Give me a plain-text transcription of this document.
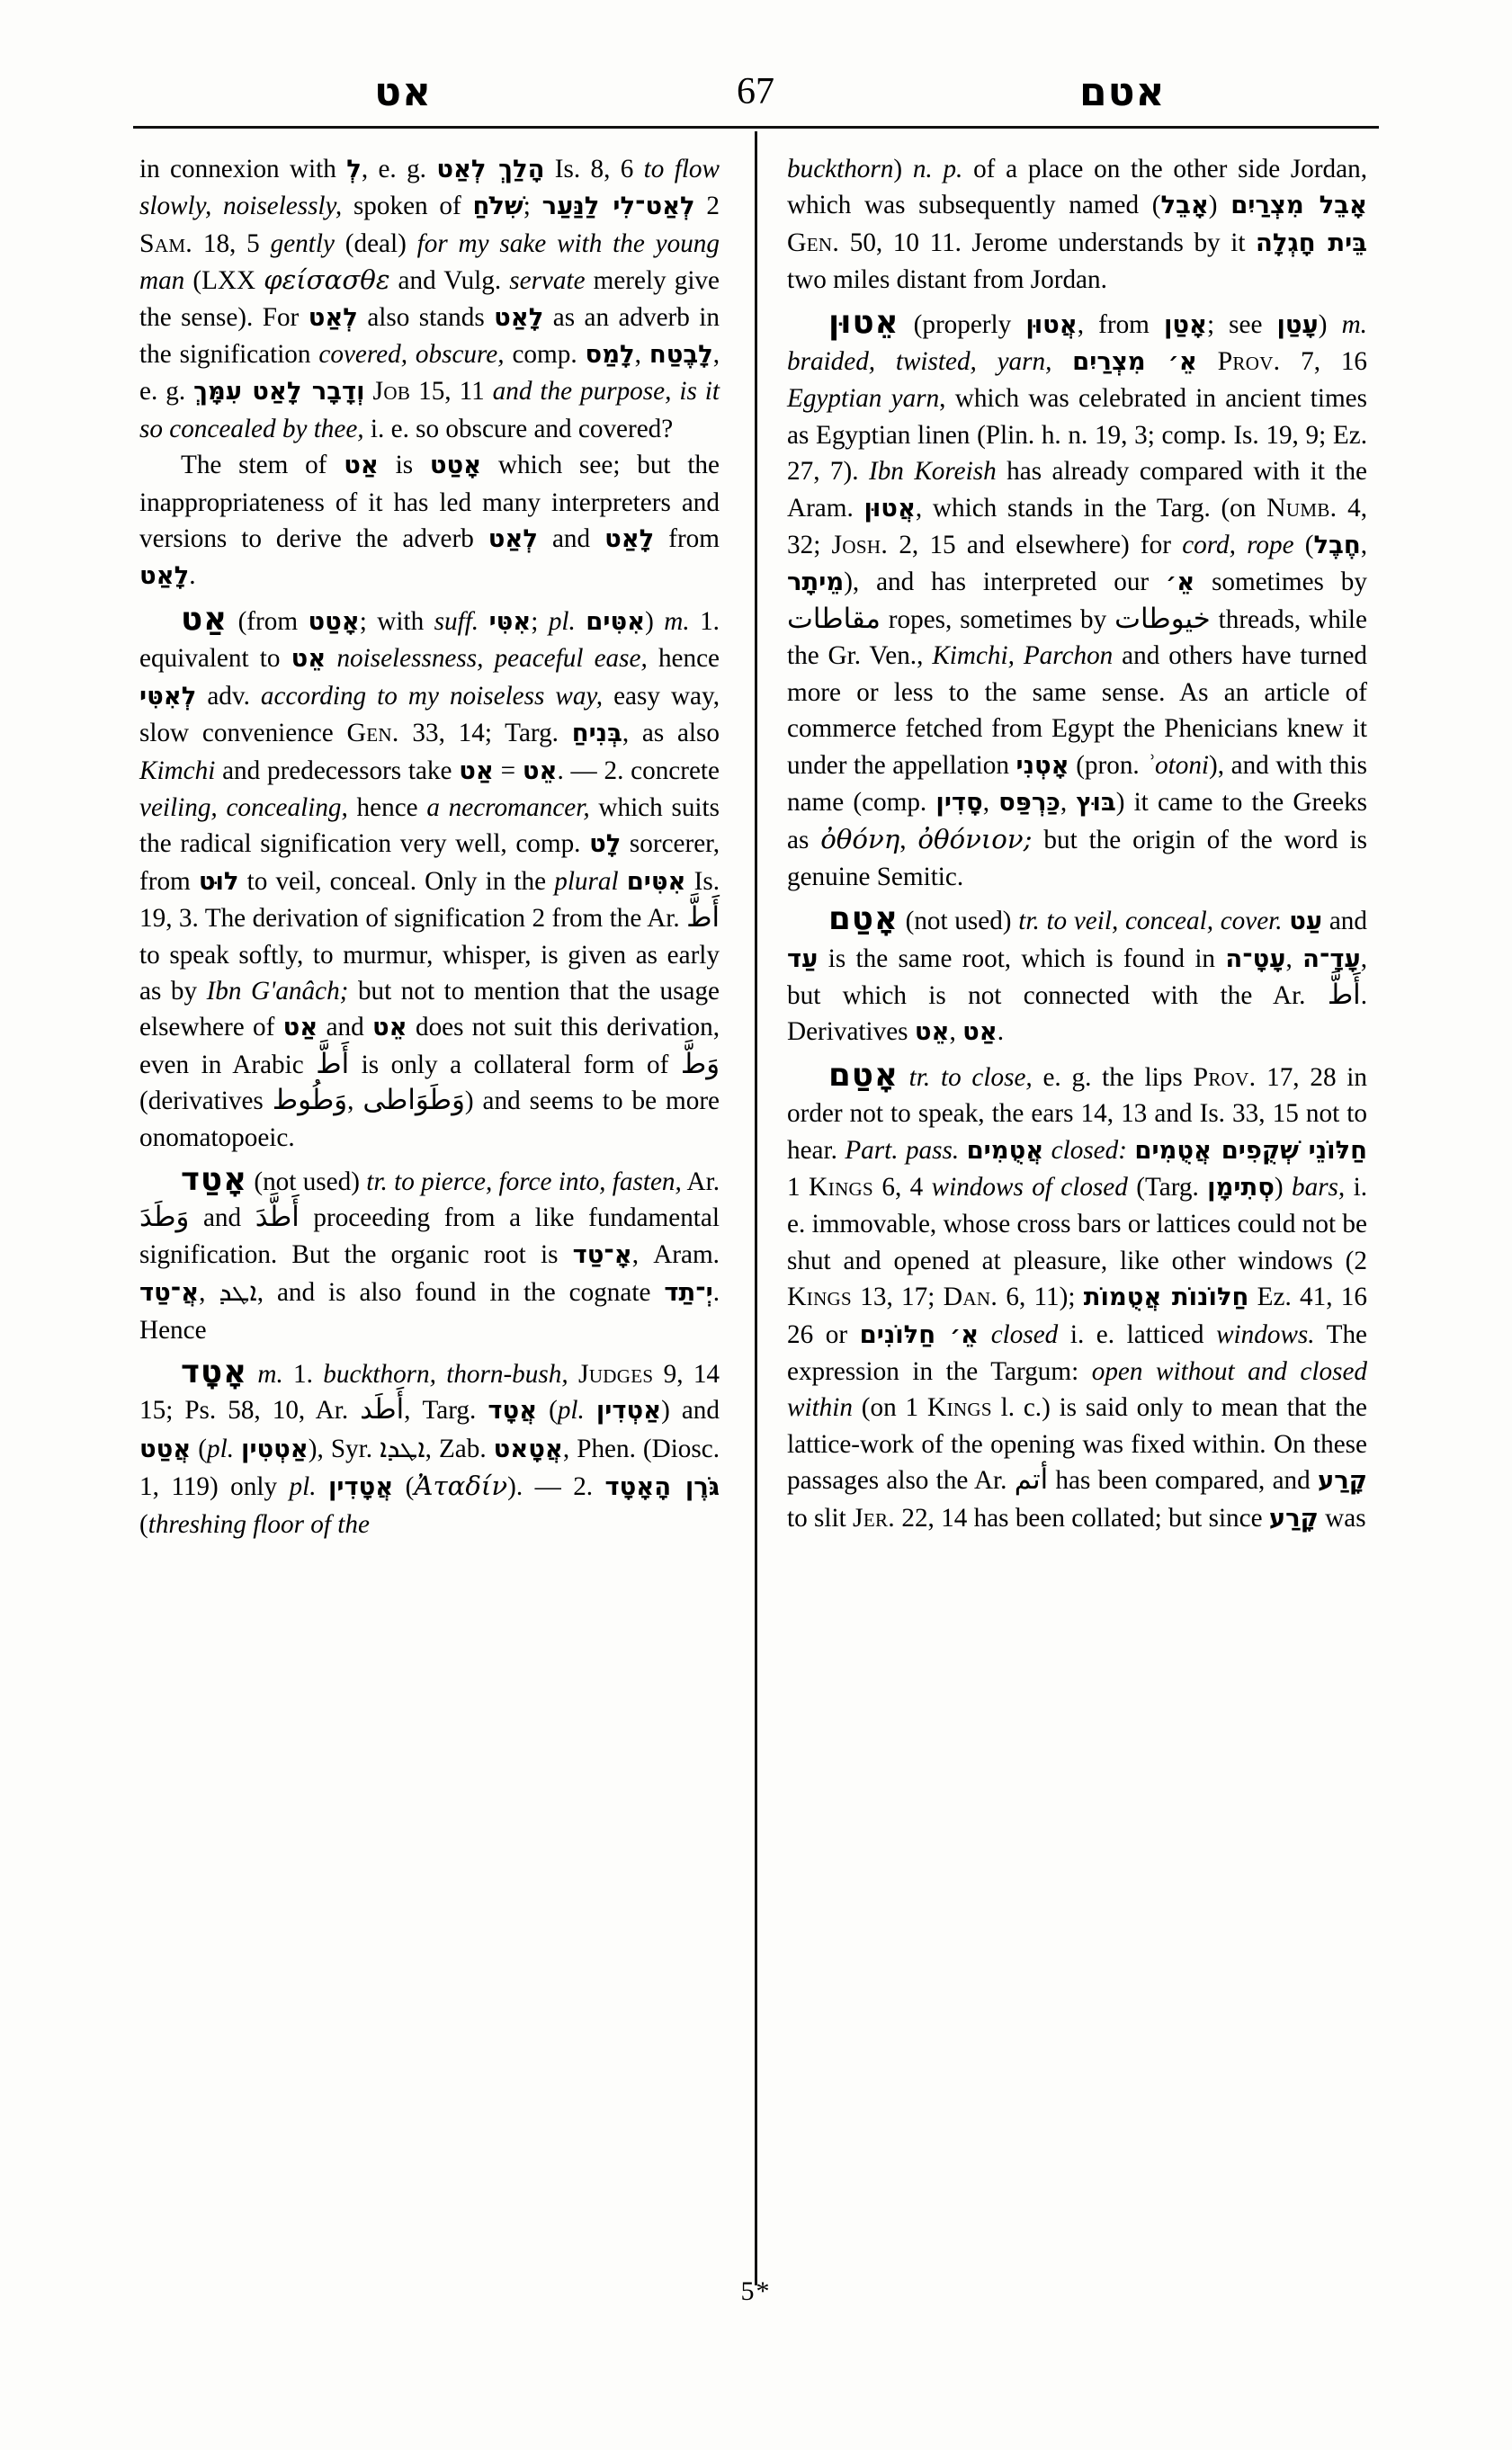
אט	67	אטם

in connexion with לְ, e. g. הָלַךְ לְאַט Is. 8, 6 to flow slowly, noiselessly, spoken of שִׁלֹחַ; לְאַט־לִי לַנַּעַר 2 Sam. 18, 5 gently (deal) for my sake with the young man (LXX φείσασθε and Vulg. servate merely give the sense). For לְאַט also stands לָאַט as an adverb in the signification covered, obscure, comp. לָמַס, לָבֶטַח, e. g. וְדָבָר לָאַט עִמָּךְ Job 15, 11 and the purpose, is it so concealed by thee, i. e. so obscure and covered?

The stem of אַט is אָטַט which see; but the inappropriateness of it has led many interpreters and versions to derive the adverb לְאַט and לָאַט from לָאַט.

אַט (from אָטַט; with suff. אִטִּי; pl. אִטִּים) m. 1. equivalent to אֵט noiselessness, peaceful ease, hence לְאִטִּי adv. according to my noiseless way, easy way, slow convenience Gen. 33, 14; Targ. בְּנִיחַ, as also Kimchi and predecessors take אַט = אֵט. — 2. concrete veiling, concealing, hence a necromancer, which suits the radical signification very well, comp. לָט sorcerer, from לוּט to veil, conceal. Only in the plural אִטִּים Is. 19, 3. The derivation of signification 2 from the Ar. أَطَّ to speak softly, to murmur, whisper, is given as early as by Ibn G'anâch; but not to mention that the usage elsewhere of אַט and אֵט does not suit this derivation, even in Arabic أَطَّ is only a collateral form of وَطَّ (derivatives وَطُوط, وَطَوَاطى) and seems to be more onomatopoeic.

אָטַד (not used) tr. to pierce, force into, fasten, Ar. وَطَدَ and أَطَّدَ proceeding from a like fundamental signification. But the organic root is אָ־טַד, Aram. אֲ־טַד, ܐܛܕ, and is also found in the cognate יְ־תַד. Hence

אָטָד m. 1. buckthorn, thorn-bush, Judges 9, 14 15; Ps. 58, 10, Ar. أَطَد, Targ. אֲטָד (pl. אַטְדִין) and אֲטַט (pl. אַטְטִין), Syr. ܐܛܕܐ, Zab. אֲטָאט, Phen. (Diosc. 1, 119) only pl. אֲטָדִין (Ἀταδίν). — 2. גֹּרֶן הָאָטָד (threshing floor of the

buckthorn) n. p. of a place on the other side Jordan, which was subsequently named (אָבֵל) אָבֵל מִצְרַיִם Gen. 50, 10 11. Jerome understands by it בֵּית חָגְלָה two miles distant from Jordan.

אֵטוּן (properly אֲטוּן, from אָטַן; see עָטַן) m. braided, twisted, yarn, אֵ׳ מִצְרַיִם Prov. 7, 16 Egyptian yarn, which was celebrated in ancient times as Egyptian linen (Plin. h. n. 19, 3; comp. Is. 19, 9; Ez. 27, 7). Ibn Koreish has already compared with it the Aram. אֲטוּן, which stands in the Targ. (on Numb. 4, 32; Josh. 2, 15 and elsewhere) for cord, rope (חֶבֶל, מֵיתָר), and has interpreted our אֵ׳ sometimes by مقاطات ropes, sometimes by خيوطات threads, while the Gr. Ven., Kimchi, Parchon and others have turned more or less to the same sense. As an article of commerce fetched from Egypt the Phenicians knew it under the appellation אָטְנִי (pron. ʾotoni), and with this name (comp. סָדִין, כַּרְפַּס, בּוּץ) it came to the Greeks as ὀθόνη, ὀθόνιον; but the origin of the word is genuine Semitic.

אָטַם (not used) tr. to veil, conceal, cover. עַט and עַד is the same root, which is found in עָטָ־ה, עָדָ־ה, but which is not connected with the Ar. أَطَّ. Derivatives אֵט, אַט.

אָטַם tr. to close, e. g. the lips Prov. 17, 28 in order not to speak, the ears 14, 13 and Is. 33, 15 not to hear. Part. pass. אֲטֻמִים closed: חַלּוֹנֵי שְׁקֻפִים אֲטֻמִים 1 Kings 6, 4 windows of closed (Targ. סְתִימָן) bars, i. e. immovable, whose cross bars or lattices could not be shut and opened at pleasure, like other windows (2 Kings 13, 17; Dan. 6, 11); חַלּוֹנוֹת אֲטֻמוֹת Ez. 41, 16 26 or אֵ׳ חַלּוֹנִים closed i. e. latticed windows. The expression in the Targum: open without and closed within (on 1 Kings l. c.) is said only to mean that the lattice-work of the opening was fixed within. On these passages also the Ar. أتم has been compared, and קָרַע to slit Jer. 22, 14 has been collated; but since קָרַע was

5*
